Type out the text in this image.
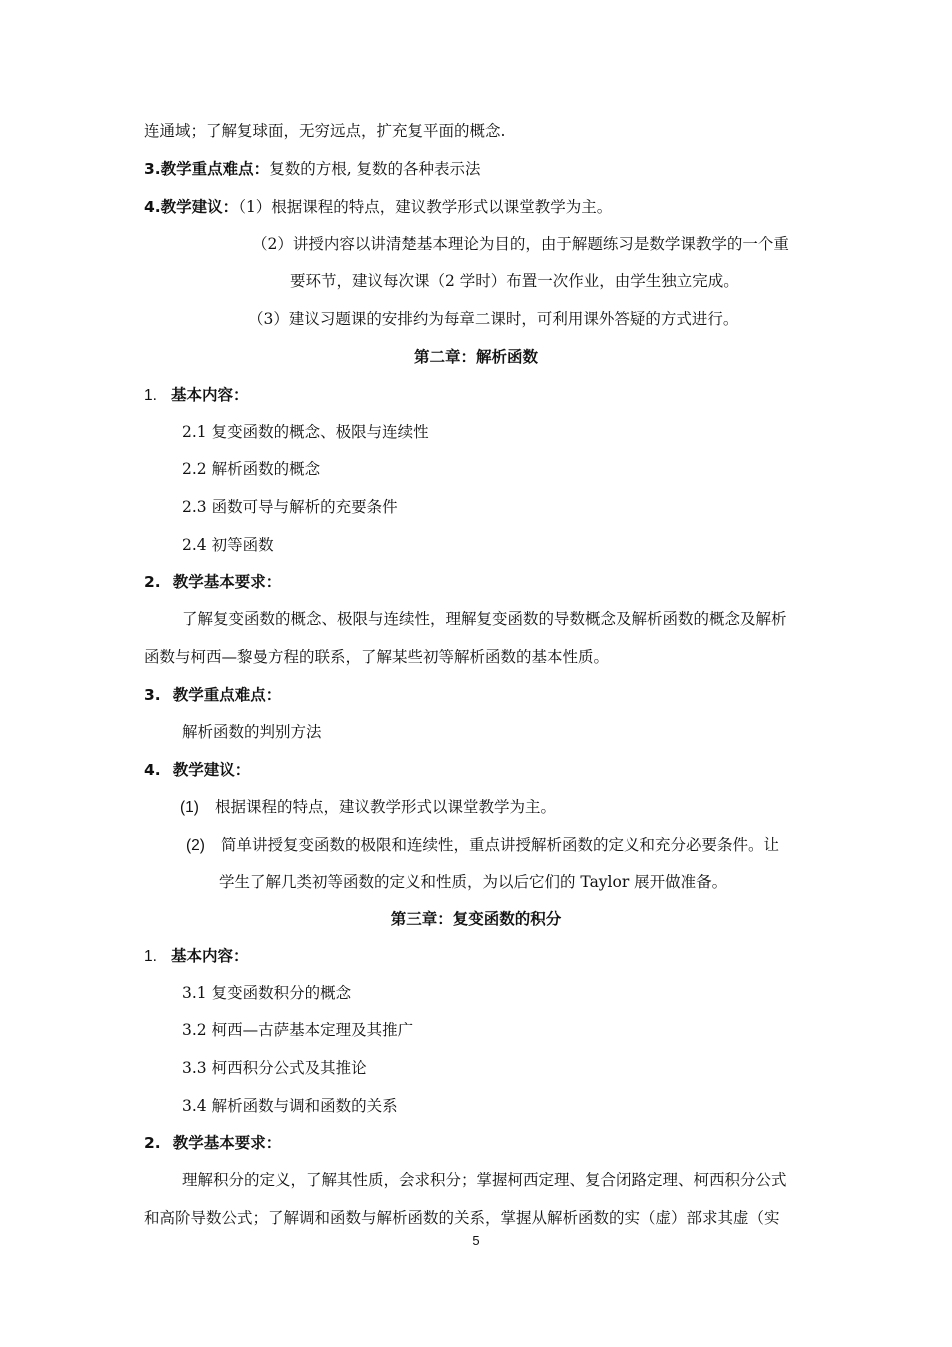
连通域；了解复球面，无穷远点，扩充复平面的概念.
3.教学重点难点：复数的方根, 复数的各种表示法
4.教学建议：（1）根据课程的特点，建议教学形式以课堂教学为主。
（2）讲授内容以讲清楚基本理论为目的，由于解题练习是数学课教学的一个重
要环节，建议每次课（2 学时）布置一次作业，由学生独立完成。
（3）建议习题课的安排约为每章二课时，可利用课外答疑的方式进行。
第二章：解析函数
1. 基本内容：
2.1 复变函数的概念、极限与连续性
2.2 解析函数的概念
2.3 函数可导与解析的充要条件
2.4 初等函数
2. 教学基本要求：
了解复变函数的概念、极限与连续性，理解复变函数的导数概念及解析函数的概念及解析
函数与柯西—黎曼方程的联系，了解某些初等解析函数的基本性质。
3. 教学重点难点：
解析函数的判别方法
4. 教学建议：
(1) 根据课程的特点，建议教学形式以课堂教学为主。
(2) 简单讲授复变函数的极限和连续性，重点讲授解析函数的定义和充分必要条件。让
学生了解几类初等函数的定义和性质，为以后它们的 Taylor 展开做准备。
第三章：复变函数的积分
1. 基本内容：
3.1 复变函数积分的概念
3.2 柯西—古萨基本定理及其推广
3.3 柯西积分公式及其推论
3.4 解析函数与调和函数的关系
2. 教学基本要求：
理解积分的定义，了解其性质，会求积分；掌握柯西定理、复合闭路定理、柯西积分公式
和高阶导数公式；了解调和函数与解析函数的关系，掌握从解析函数的实（虚）部求其虚（实
5
